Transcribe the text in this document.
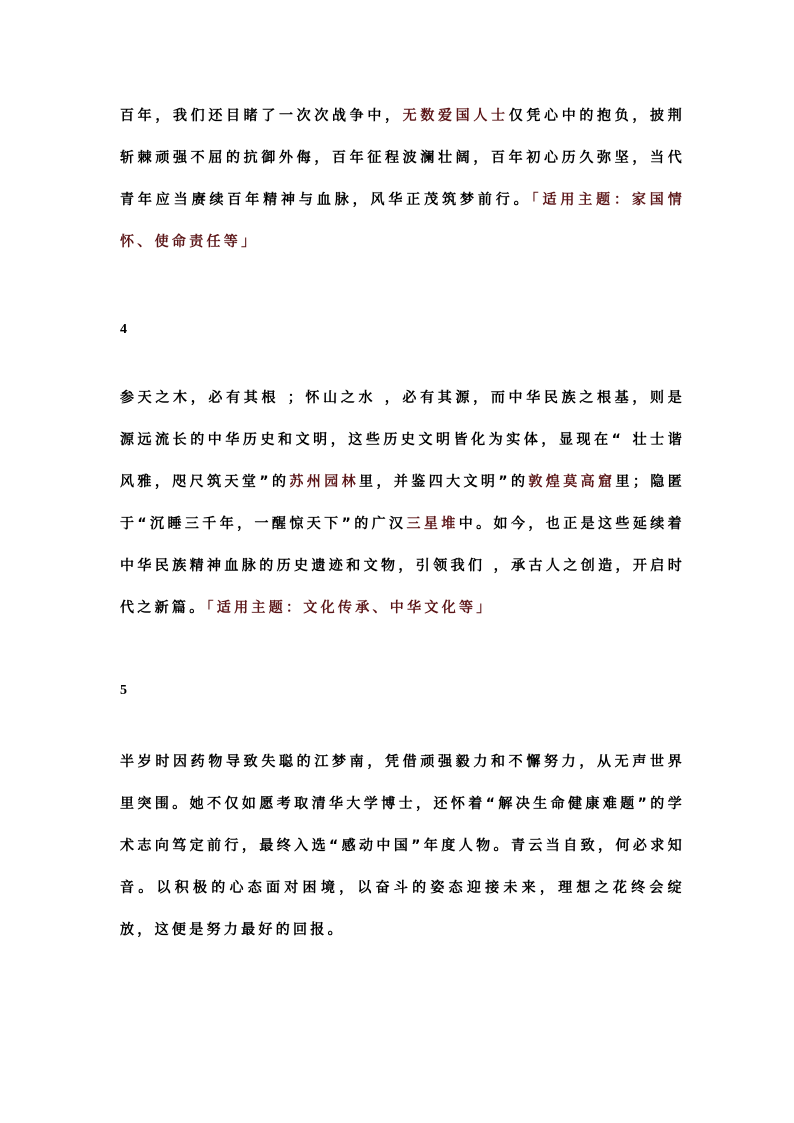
百年，我们还目睹了一次次战争中，无数爱国人士仅凭心中的抱负，披荆斩棘顽强不屈的抗御外侮，百年征程波澜壮阔，百年初心历久弥坚，当代青年应当赓续百年精神与血脉，风华正茂筑梦前行。「适用主题：家国情怀、使命责任等」

4

参天之木，必有其根 ；怀山之水 ，必有其源，而中华民族之根基，则是源远流长的中华历史和文明，这些历史文明皆化为实体，显现在“ 壮士谐风雅，咫尺筑天堂”的苏州园林里，并鉴四大文明”的敦煌莫高窟里；隐匿于“沉睡三千年，一醒惊天下”的广汉三星堆中。如今，也正是这些延续着中华民族精神血脉的历史遗迹和文物，引领我们 ，承古人之创造，开启时代之新篇。「适用主题：文化传承、中华文化等」

5

半岁时因药物导致失聪的江梦南，凭借顽强毅力和不懈努力，从无声世界里突围。她不仅如愿考取清华大学博士，还怀着“解决生命健康难题”的学术志向笃定前行，最终入选“感动中国”年度人物。青云当自致，何必求知音。以积极的心态面对困境，以奋斗的姿态迎接未来，理想之花终会绽放，这便是努力最好的回报。
